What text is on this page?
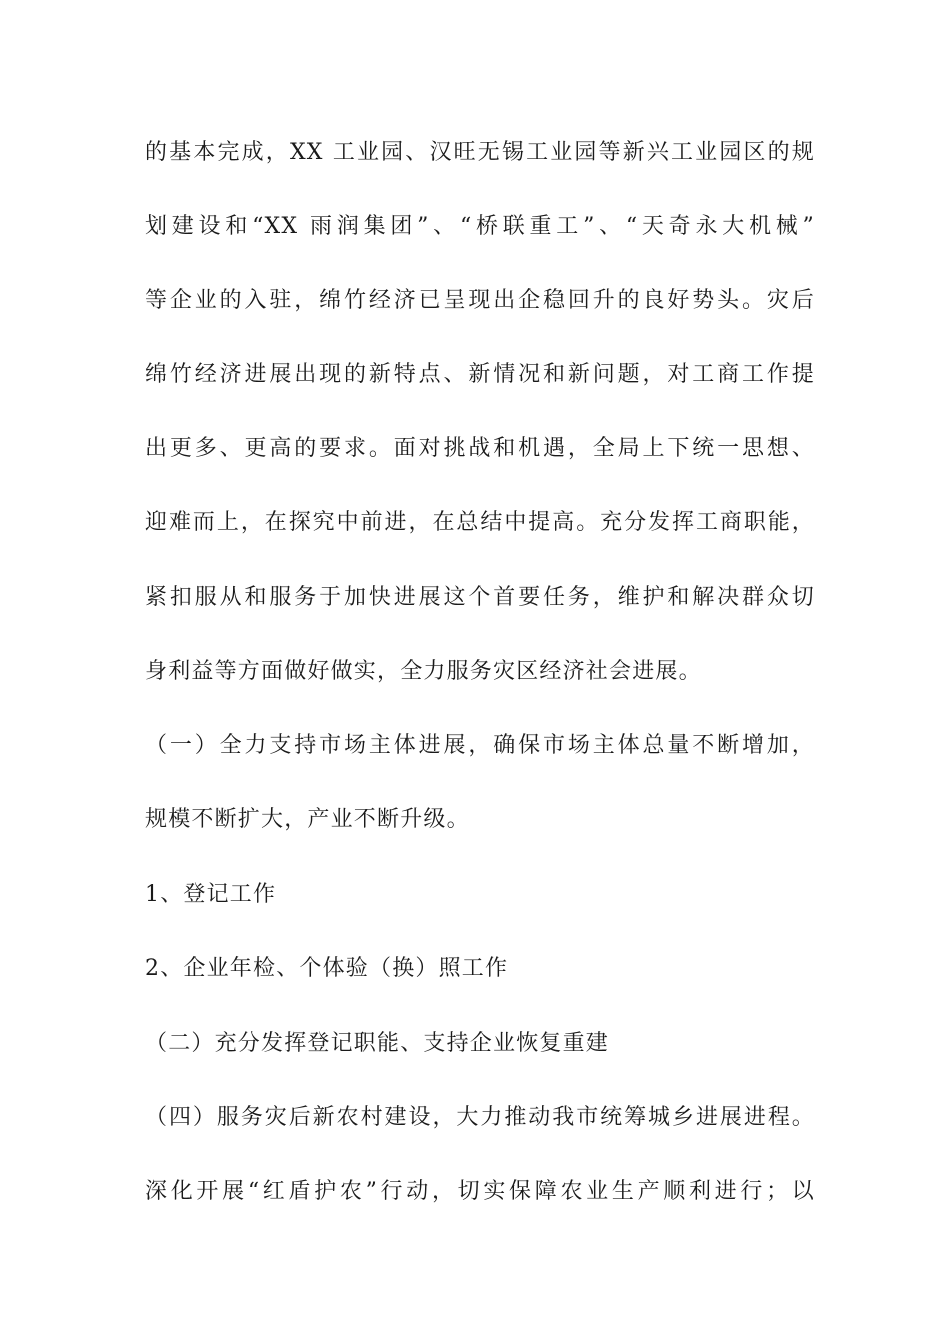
的基本完成，XX 工业园、汉旺无锡工业园等新兴工业园区的规
划建设和“XX 雨润集团”、“桥联重工”、“天奇永大机械”
等企业的入驻，绵竹经济已呈现出企稳回升的良好势头。灾后
绵竹经济进展出现的新特点、新情况和新问题，对工商工作提
出更多、更高的要求。面对挑战和机遇，全局上下统一思想、
迎难而上，在探究中前进，在总结中提高。充分发挥工商职能，
紧扣服从和服务于加快进展这个首要任务，维护和解决群众切
身利益等方面做好做实，全力服务灾区经济社会进展。
（一）全力支持市场主体进展，确保市场主体总量不断增加，
规模不断扩大，产业不断升级。
1、登记工作
2、企业年检、个体验（换）照工作
（二）充分发挥登记职能、支持企业恢复重建
（四）服务灾后新农村建设，大力推动我市统筹城乡进展进程。
深化开展“红盾护农”行动，切实保障农业生产顺利进行；以
